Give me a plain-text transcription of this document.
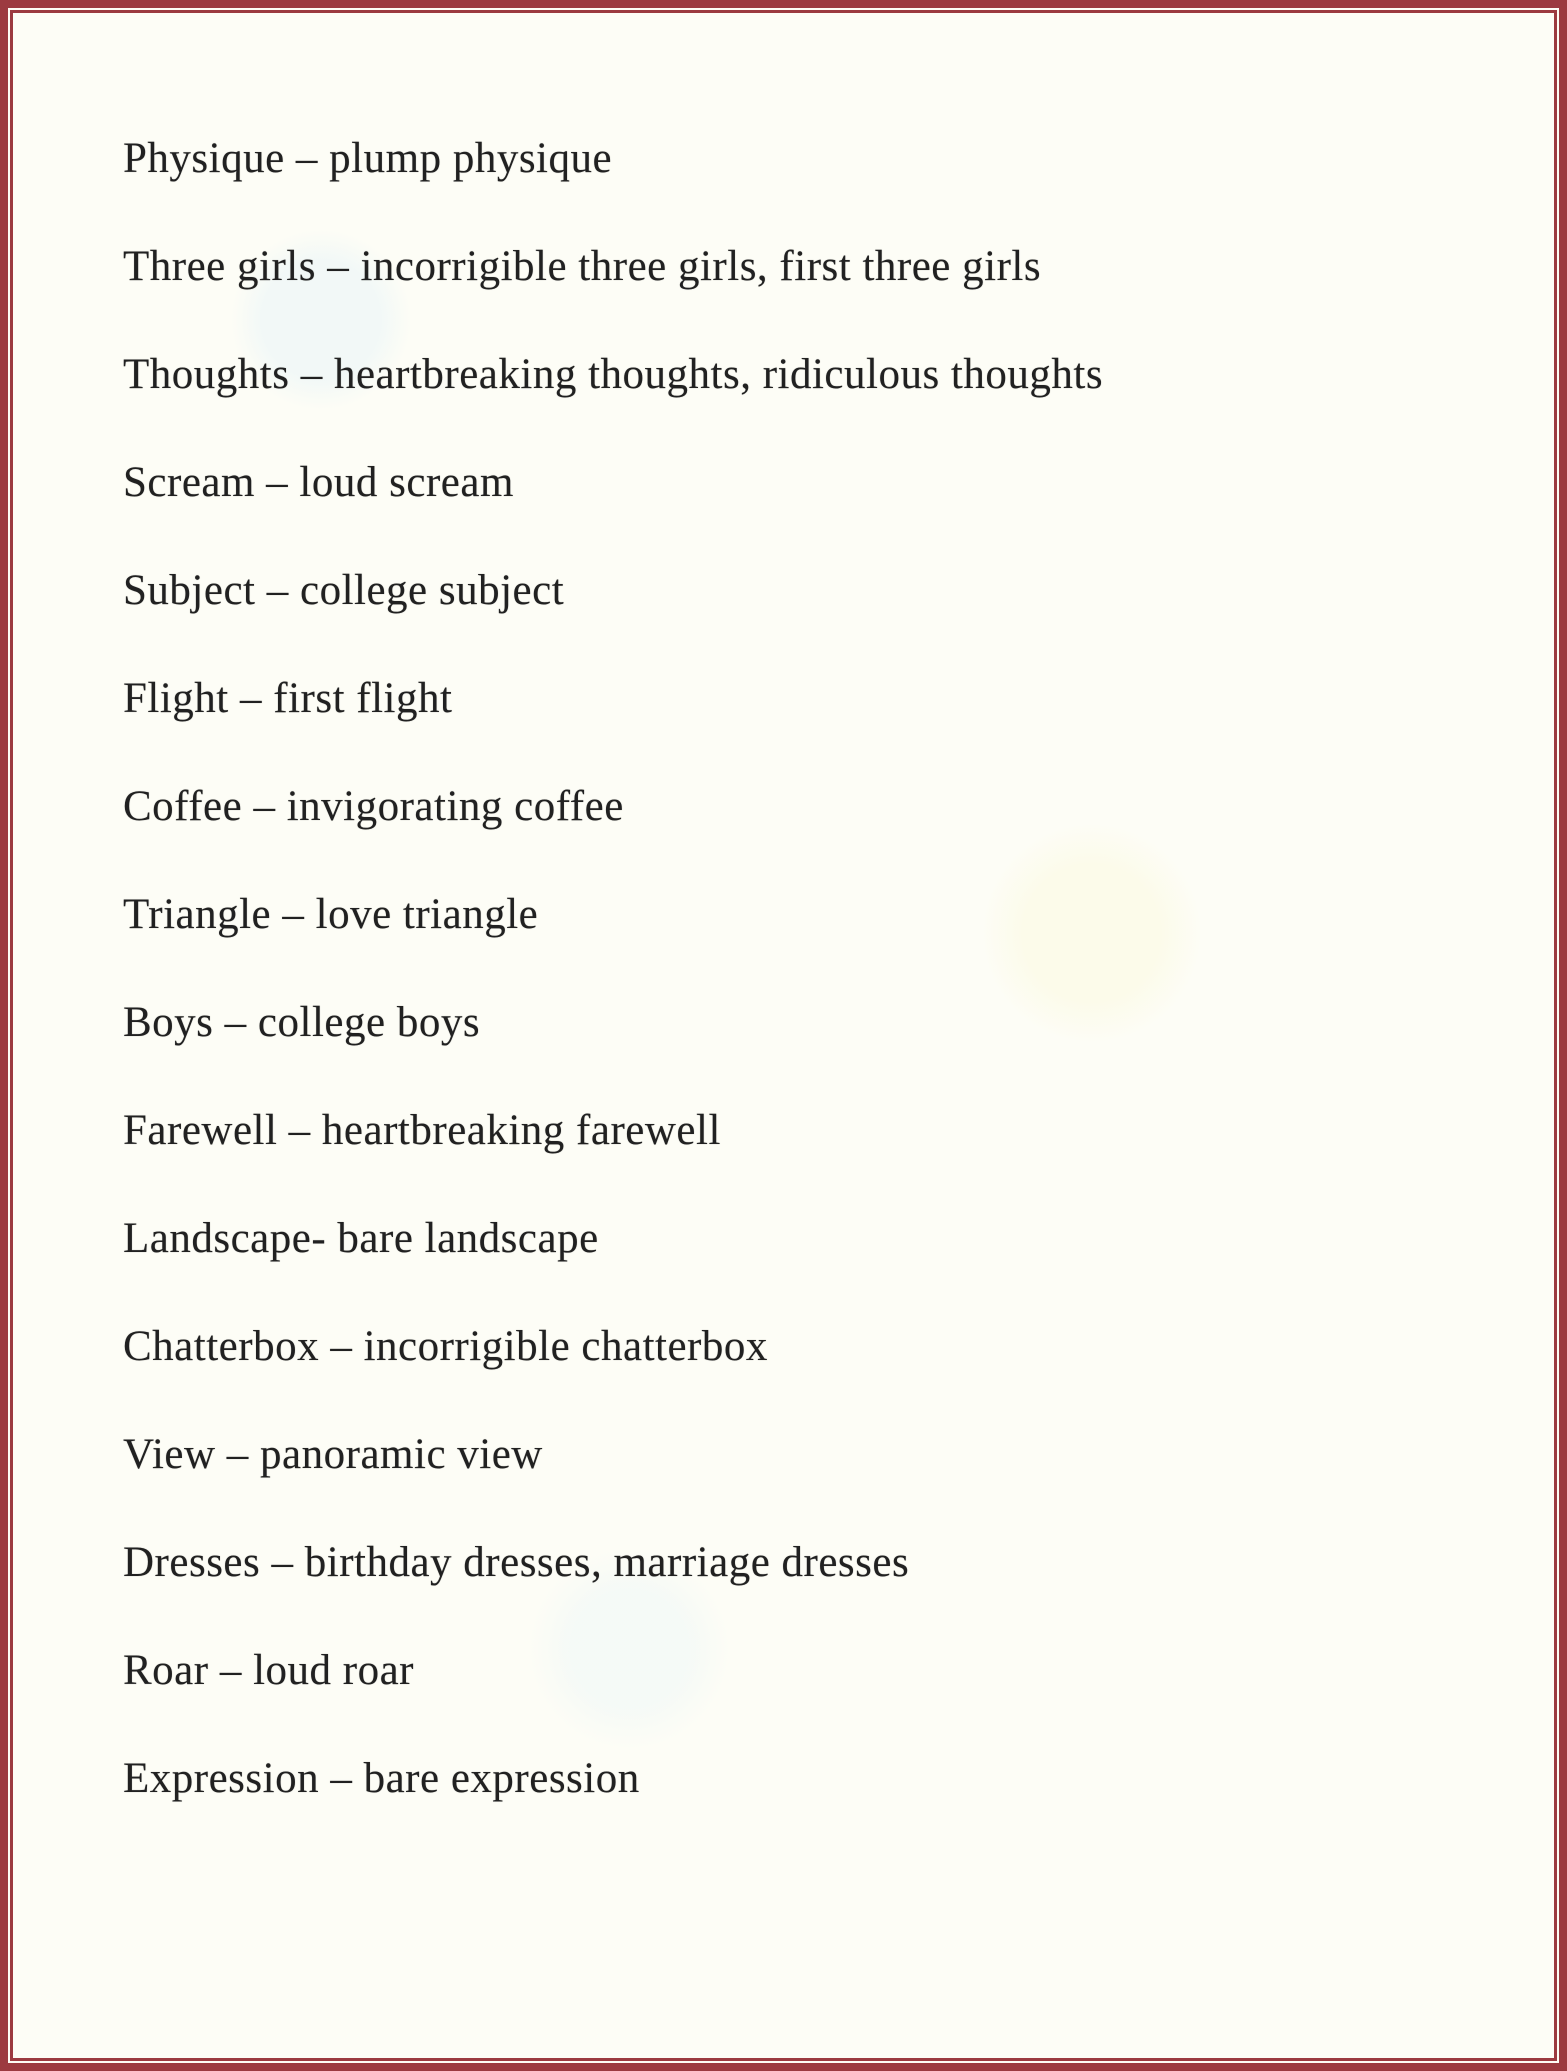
Physique – plump physique

Three girls – incorrigible three girls, first three girls

Thoughts – heartbreaking thoughts, ridiculous thoughts

Scream – loud scream

Subject – college subject

Flight – first flight

Coffee – invigorating coffee

Triangle – love triangle

Boys – college boys

Farewell – heartbreaking farewell

Landscape- bare landscape

Chatterbox – incorrigible chatterbox

View – panoramic view

Dresses – birthday dresses, marriage dresses

Roar – loud roar

Expression – bare expression
